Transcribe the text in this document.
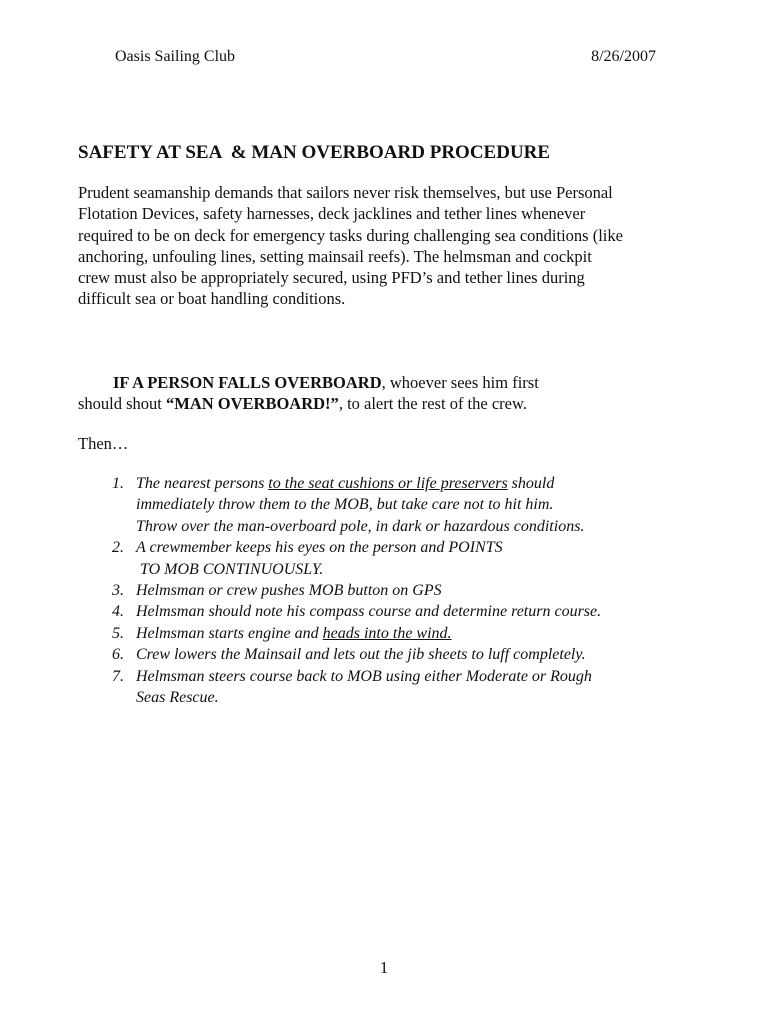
Oasis Sailing Club	8/26/2007
SAFETY AT SEA  & MAN OVERBOARD PROCEDURE
Prudent seamanship demands that sailors never risk themselves, but use Personal
Flotation Devices, safety harnesses, deck jacklines and tether lines whenever
required to be on deck for emergency tasks during challenging sea conditions (like
anchoring, unfouling lines, setting mainsail reefs). The helmsman and cockpit
crew must also be appropriately secured, using PFD’s and tether lines during
difficult sea or boat handling conditions.
IF A PERSON FALLS OVERBOARD, whoever sees him first
should shout “MAN OVERBOARD!”, to alert the rest of the crew.
Then…
1. The nearest persons to the seat cushions or life preservers should
immediately throw them to the MOB, but take care not to hit him.
Throw over the man-overboard pole, in dark or hazardous conditions.
2. A crewmember keeps his eyes on the person and POINTS
TO MOB CONTINUOUSLY.
3. Helmsman or crew pushes MOB button on GPS
4. Helmsman should note his compass course and determine return course.
5. Helmsman starts engine and heads into the wind.
6. Crew lowers the Mainsail and lets out the jib sheets to luff completely.
7. Helmsman steers course back to MOB using either Moderate or Rough
Seas Rescue.
1
